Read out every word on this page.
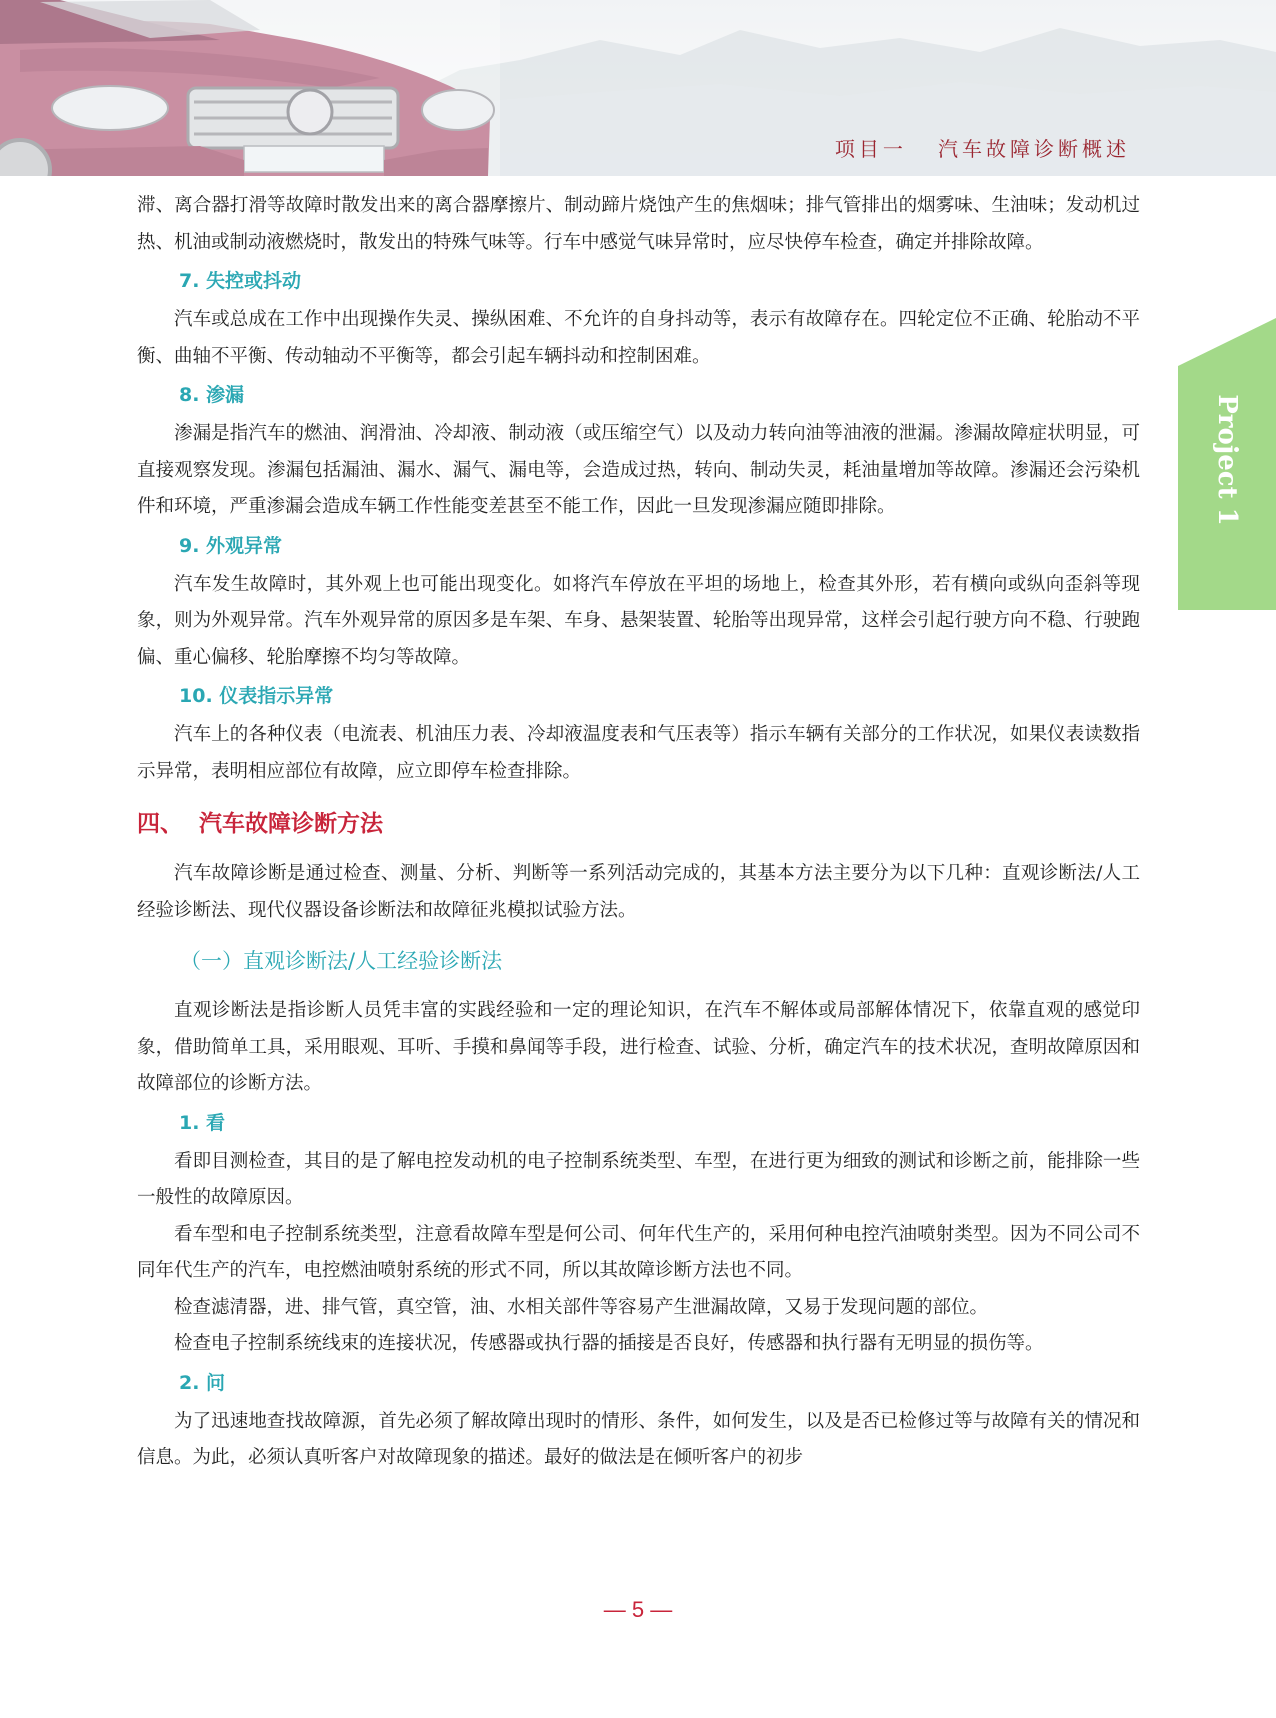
项目一   汽车故障诊断概述
Project 1

滞、离合器打滑等故障时散发出来的离合器摩擦片、制动蹄片烧蚀产生的焦烟味；排气管排出的烟雾味、生油味；发动机过热、机油或制动液燃烧时，散发出的特殊气味等。行车中感觉气味异常时，应尽快停车检查，确定并排除故障。

7. 失控或抖动

汽车或总成在工作中出现操作失灵、操纵困难、不允许的自身抖动等，表示有故障存在。四轮定位不正确、轮胎动不平衡、曲轴不平衡、传动轴动不平衡等，都会引起车辆抖动和控制困难。

8. 渗漏

渗漏是指汽车的燃油、润滑油、冷却液、制动液（或压缩空气）以及动力转向油等油液的泄漏。渗漏故障症状明显，可直接观察发现。渗漏包括漏油、漏水、漏气、漏电等，会造成过热，转向、制动失灵，耗油量增加等故障。渗漏还会污染机件和环境，严重渗漏会造成车辆工作性能变差甚至不能工作，因此一旦发现渗漏应随即排除。

9. 外观异常

汽车发生故障时，其外观上也可能出现变化。如将汽车停放在平坦的场地上，检查其外形，若有横向或纵向歪斜等现象，则为外观异常。汽车外观异常的原因多是车架、车身、悬架装置、轮胎等出现异常，这样会引起行驶方向不稳、行驶跑偏、重心偏移、轮胎摩擦不均匀等故障。

10. 仪表指示异常

汽车上的各种仪表（电流表、机油压力表、冷却液温度表和气压表等）指示车辆有关部分的工作状况，如果仪表读数指示异常，表明相应部位有故障，应立即停车检查排除。

四、  汽车故障诊断方法

汽车故障诊断是通过检查、测量、分析、判断等一系列活动完成的，其基本方法主要分为以下几种：直观诊断法/人工经验诊断法、现代仪器设备诊断法和故障征兆模拟试验方法。

（一）直观诊断法/人工经验诊断法

直观诊断法是指诊断人员凭丰富的实践经验和一定的理论知识，在汽车不解体或局部解体情况下，依靠直观的感觉印象，借助简单工具，采用眼观、耳听、手摸和鼻闻等手段，进行检查、试验、分析，确定汽车的技术状况，查明故障原因和故障部位的诊断方法。

1. 看

看即目测检查，其目的是了解电控发动机的电子控制系统类型、车型，在进行更为细致的测试和诊断之前，能排除一些一般性的故障原因。

看车型和电子控制系统类型，注意看故障车型是何公司、何年代生产的，采用何种电控汽油喷射类型。因为不同公司不同年代生产的汽车，电控燃油喷射系统的形式不同，所以其故障诊断方法也不同。

检查滤清器，进、排气管，真空管，油、水相关部件等容易产生泄漏故障，又易于发现问题的部位。

检查电子控制系统线束的连接状况，传感器或执行器的插接是否良好，传感器和执行器有无明显的损伤等。

2. 问

为了迅速地查找故障源，首先必须了解故障出现时的情形、条件，如何发生，以及是否已检修过等与故障有关的情况和信息。为此，必须认真听客户对故障现象的描述。最好的做法是在倾听客户的初步

— 5 —
